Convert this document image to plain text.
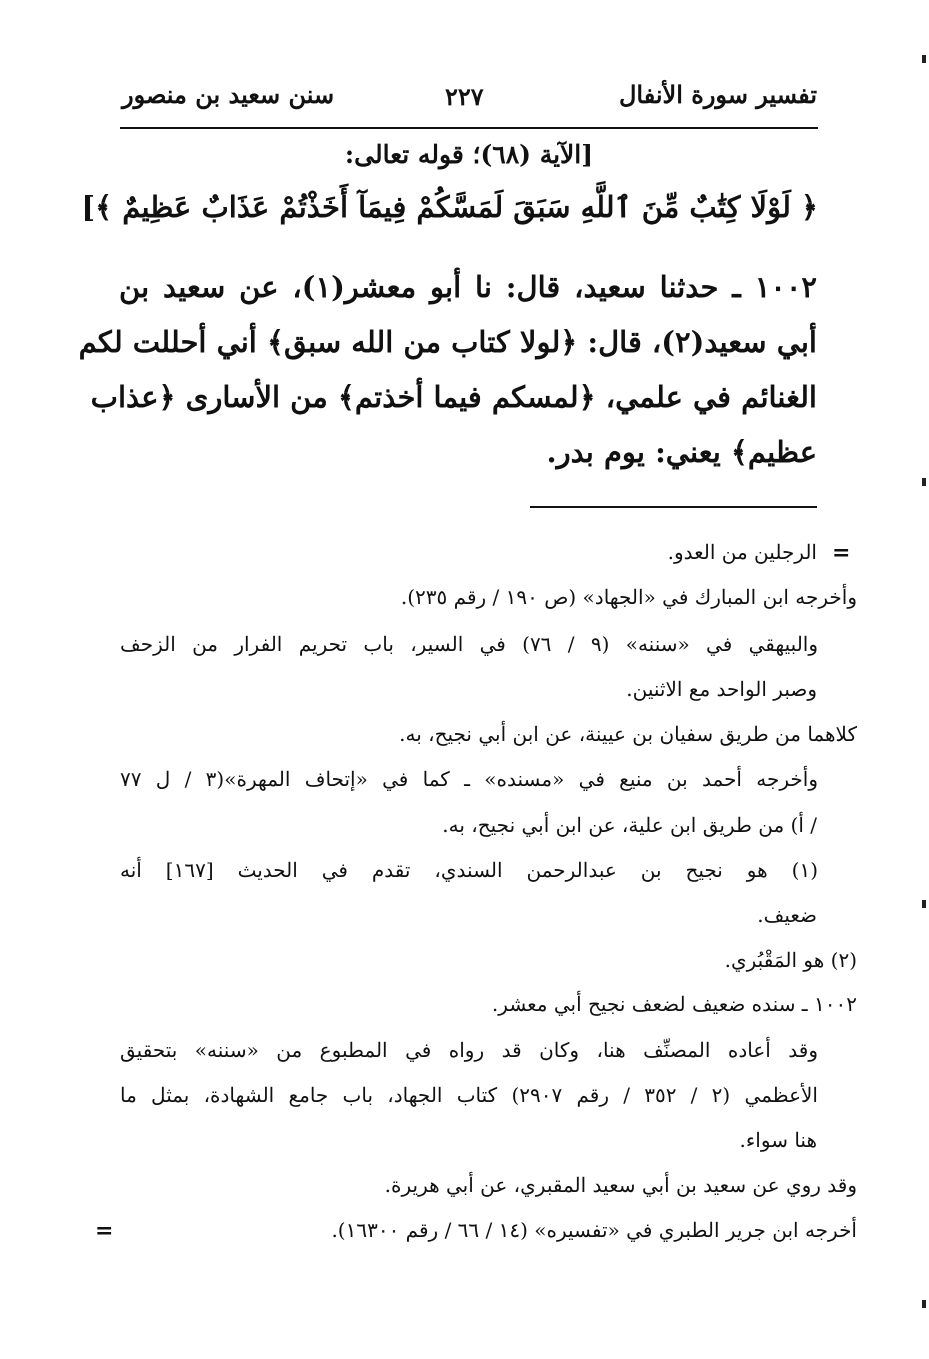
تفسير سورة الأنفال
٢٢٧
سنن سعيد بن منصور
[الآية (٦٨)؛ قوله تعالى:
﴿ لَوْلَا كِتَٰبٌ مِّنَ ٱللَّهِ سَبَقَ لَمَسَّكُمْ فِيمَآ أَخَذْتُمْ عَذَابٌ عَظِيمٌ ﴾]
١٠٠٢ ـ حدثنا سعيد، قال: نا أبو معشر(١)، عن سعيد بن
أبي سعيد(٢)، قال: ﴿لولا كتاب من الله سبق﴾ أني أحللت لكم
الغنائم في علمي، ﴿لمسكم فيما أخذتم﴾ من الأسارى ﴿عذاب
عظيم﴾ يعني: يوم بدر.
=
الرجلين من العدو.
وأخرجه ابن المبارك في «الجهاد» (ص ١٩٠ / رقم ٢٣٥).
والبيهقي في «سننه» (٩ / ٧٦) في السير، باب تحريم الفرار من الزحف
وصبر الواحد مع الاثنين.
كلاهما من طريق سفيان بن عيينة، عن ابن أبي نجيح، به.
وأخرجه أحمد بن منيع في «مسنده» ـ كما في «إتحاف المهرة»(٣ / ل ٧٧
/ أ) من طريق ابن علية، عن ابن أبي نجيح، به.
(١) هو نجيح بن عبدالرحمن السندي، تقدم في الحديث [١٦٧] أنه
ضعيف.
(٢) هو المَقْبُري.
١٠٠٢ ـ سنده ضعيف لضعف نجيح أبي معشر.
وقد أعاده المصنِّف هنا، وكان قد رواه في المطبوع من «سننه» بتحقيق
الأعظمي (٢ / ٣٥٢ / رقم ٢٩٠٧) كتاب الجهاد، باب جامع الشهادة، بمثل ما
هنا سواء.
وقد روي عن سعيد بن أبي سعيد المقبري، عن أبي هريرة.
أخرجه ابن جرير الطبري في «تفسيره» (١٤ / ٦٦ / رقم ١٦٣٠٠).
=
